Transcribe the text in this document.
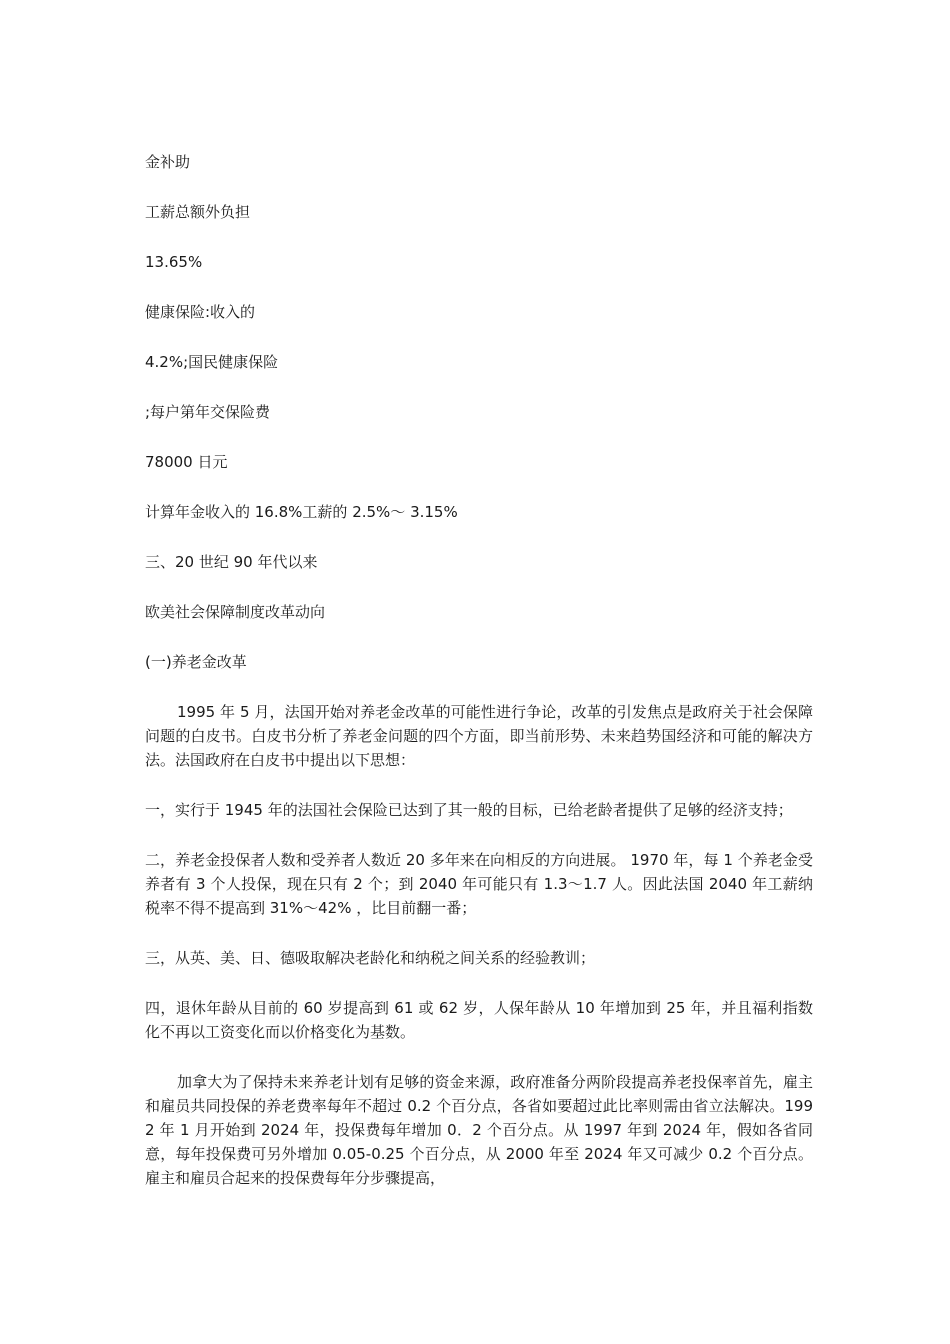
金补助
工薪总额外负担
13.65%
健康保险:收入的
4.2%;国民健康保险
;每户第年交保险费
78000 日元
计算年金收入的 16.8%工薪的 2.5%～ 3.15%
三、20 世纪 90 年代以来
欧美社会保障制度改革动向
(一)养老金改革

1995 年 5 月，法国开始对养老金改革的可能性进行争论，改革的引发焦点是政府关于社会保障问题的白皮书。白皮书分析了养老金问题的四个方面，即当前形势、未来趋势国经济和可能的解决方法。法国政府在白皮书中提出以下思想：

一，实行于 1945 年的法国社会保险已达到了其一般的目标，已给老龄者提供了足够的经济支持；

二，养老金投保者人数和受养者人数近 20 多年来在向相反的方向进展。 1970 年，每 1 个养老金受养者有 3 个人投保，现在只有 2 个；到 2040 年可能只有 1.3～1.7 人。因此法国 2040 年工薪纳税率不得不提高到 31%～42% ，比目前翻一番；

三，从英、美、日、德吸取解决老龄化和纳税之间关系的经验教训；

四，退休年龄从目前的 60 岁提高到 61 或 62 岁，人保年龄从 10 年增加到 25 年，并且福利指数化不再以工资变化而以价格变化为基数。

加拿大为了保持未来养老计划有足够的资金来源，政府准备分两阶段提高养老投保率首先，雇主和雇员共同投保的养老费率每年不超过 0.2 个百分点，各省如要超过此比率则需由省立法解决。1992 年 1 月开始到 2024 年，投保费每年增加 0．2 个百分点。从 1997 年到 2024 年，假如各省同意，每年投保费可另外增加 0.05-0.25 个百分点，从 2000 年至 2024 年又可减少 0.2 个百分点。雇主和雇员合起来的投保费每年分步骤提高，
